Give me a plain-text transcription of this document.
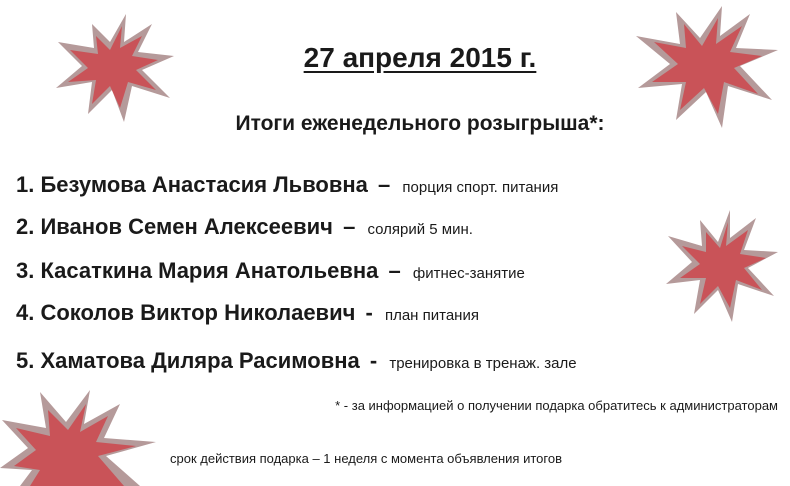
27 апреля 2015 г.
Итоги еженедельного розыгрыша*:
1. Безумова Анастасия Львовна – порция спорт. питания
2. Иванов Семен Алексеевич – солярий 5 мин.
3. Касаткина Мария Анатольевна – фитнес-занятие
4. Соколов Виктор Николаевич - план питания
5. Хаматова Диляра Расимовна - тренировка в тренаж. зале
* - за информацией о получении подарка обратитесь к администраторам
срок действия подарка – 1 неделя с момента объявления итогов
